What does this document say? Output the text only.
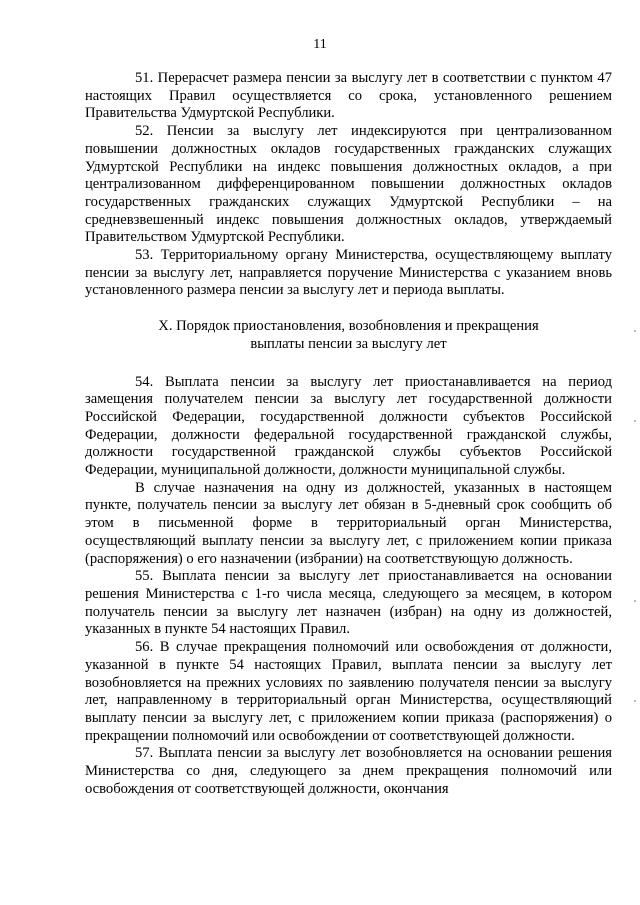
11

51. Перерасчет размера пенсии за выслугу лет в соответствии с пунктом 47 настоящих Правил осуществляется со срока, установленного решением Правительства Удмуртской Республики.

52. Пенсии за выслугу лет индексируются при централизованном повышении должностных окладов государственных гражданских служащих Удмуртской Республики на индекс повышения должностных окладов, а при централизованном дифференцированном повышении должностных окладов государственных гражданских служащих Удмуртской Республики – на средневзвешенный индекс повышения должностных окладов, утверждаемый Правительством Удмуртской Республики.

53. Территориальному органу Министерства, осуществляющему выплату пенсии за выслугу лет, направляется поручение Министерства с указанием вновь установленного размера пенсии за выслугу лет и периода выплаты.

X. Порядок приостановления, возобновления и прекращения
выплаты пенсии за выслугу лет

54. Выплата пенсии за выслугу лет приостанавливается на период замещения получателем пенсии за выслугу лет государственной должности Российской Федерации, государственной должности субъектов Российской Федерации, должности федеральной государственной гражданской службы, должности государственной гражданской службы субъектов Российской Федерации, муниципальной должности, должности муниципальной службы.

В случае назначения на одну из должностей, указанных в настоящем пункте, получатель пенсии за выслугу лет обязан в 5-дневный срок сообщить об этом в письменной форме в территориальный орган Министерства, осуществляющий выплату пенсии за выслугу лет, с приложением копии приказа (распоряжения) о его назначении (избрании) на соответствующую должность.

55. Выплата пенсии за выслугу лет приостанавливается на основании решения Министерства с 1-го числа месяца, следующего за месяцем, в котором получатель пенсии за выслугу лет назначен (избран) на одну из должностей, указанных в пункте 54 настоящих Правил.

56. В случае прекращения полномочий или освобождения от должности, указанной в пункте 54 настоящих Правил, выплата пенсии за выслугу лет возобновляется на прежних условиях по заявлению получателя пенсии за выслугу лет, направленному в территориальный орган Министерства, осуществляющий выплату пенсии за выслугу лет, с приложением копии приказа (распоряжения) о прекращении полномочий или освобождении от соответствующей должности.

57. Выплата пенсии за выслугу лет возобновляется на основании решения Министерства со дня, следующего за днем прекращения полномочий или освобождения от соответствующей должности, окончания
